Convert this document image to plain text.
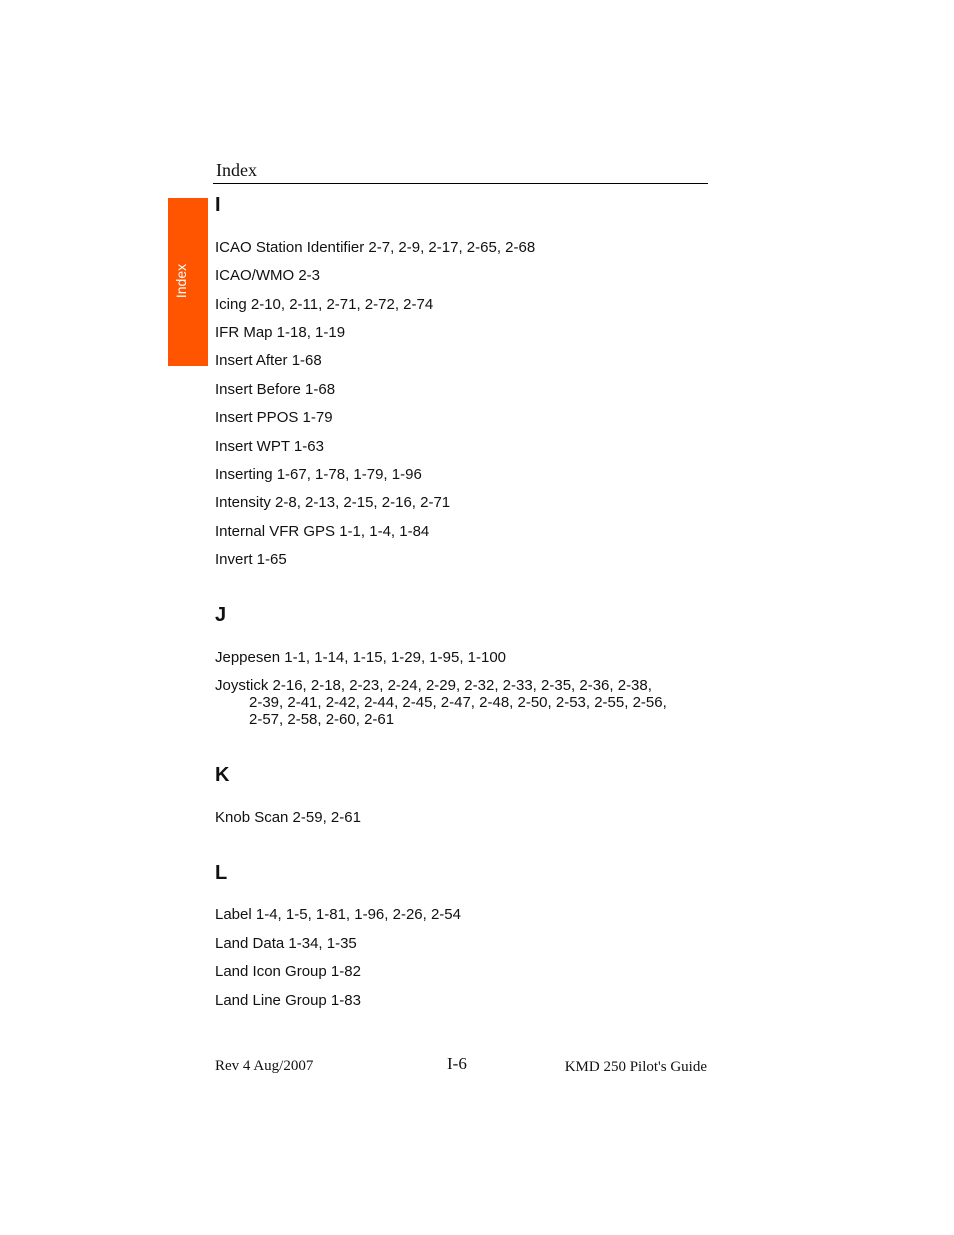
Index
Index
I
ICAO Station Identifier 2-7, 2-9, 2-17, 2-65, 2-68
ICAO/WMO 2-3
Icing 2-10, 2-11, 2-71, 2-72, 2-74
IFR Map 1-18, 1-19
Insert After 1-68
Insert Before 1-68
Insert PPOS 1-79
Insert WPT 1-63
Inserting 1-67, 1-78, 1-79, 1-96
Intensity 2-8, 2-13, 2-15, 2-16, 2-71
Internal VFR GPS 1-1, 1-4, 1-84
Invert 1-65
J
Jeppesen 1-1, 1-14, 1-15, 1-29, 1-95, 1-100
Joystick 2-16, 2-18, 2-23, 2-24, 2-29, 2-32, 2-33, 2-35, 2-36, 2-38,
2-39, 2-41, 2-42, 2-44, 2-45, 2-47, 2-48, 2-50, 2-53, 2-55, 2-56,
2-57, 2-58, 2-60, 2-61
K
Knob Scan 2-59, 2-61
L
Label 1-4, 1-5, 1-81, 1-96, 2-26, 2-54
Land Data 1-34, 1-35
Land Icon Group 1-82
Land Line Group 1-83
Rev 4 Aug/2007	I-6	KMD 250 Pilot's Guide
